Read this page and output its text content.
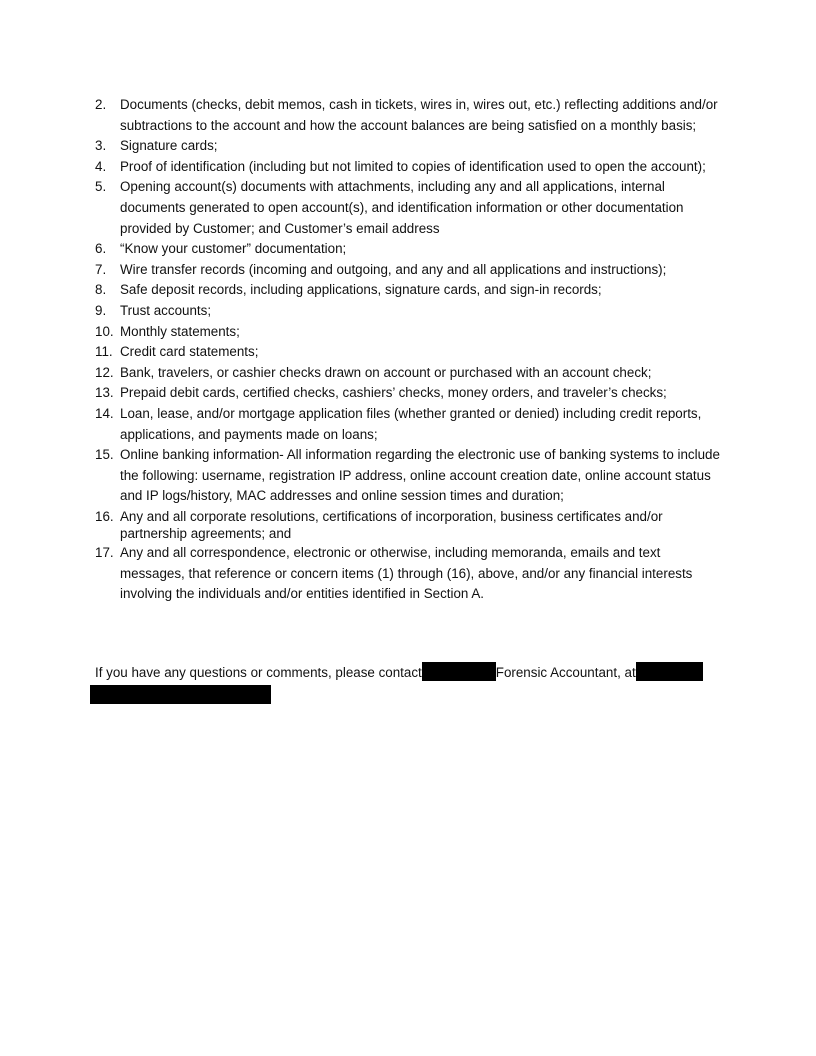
2.	Documents (checks, debit memos, cash in tickets, wires in, wires out, etc.) reflecting additions and/or subtractions to the account and how the account balances are being satisfied on a monthly basis;
3.	Signature cards;
4.	Proof of identification (including but not limited to copies of identification used to open the account);
5.	Opening account(s) documents with attachments, including any and all applications, internal documents generated to open account(s), and identification information or other documentation provided by Customer; and Customer’s email address
6.	“Know your customer” documentation;
7.	Wire transfer records (incoming and outgoing, and any and all applications and instructions);
8.	Safe deposit records, including applications, signature cards, and sign-in records;
9.	Trust accounts;
10. Monthly statements;
11. Credit card statements;
12. Bank, travelers, or cashier checks drawn on account or purchased with an account check;
13. Prepaid debit cards, certified checks, cashiers’ checks, money orders, and traveler’s checks;
14. Loan, lease, and/or mortgage application files (whether granted or denied) including credit reports, applications, and payments made on loans;
15. Online banking information- All information regarding the electronic use of banking systems to include the following: username, registration IP address, online account creation date, online account status and IP logs/history, MAC addresses and online session times and duration;
16. Any and all corporate resolutions, certifications of incorporation, business certificates and/or partnership agreements; and
17. Any and all correspondence, electronic or otherwise, including memoranda, emails and text messages, that reference or concern items (1) through (16), above, and/or any financial interests involving the individuals and/or entities identified in Section A.
If you have any questions or comments, please contact	Forensic Accountant, at
